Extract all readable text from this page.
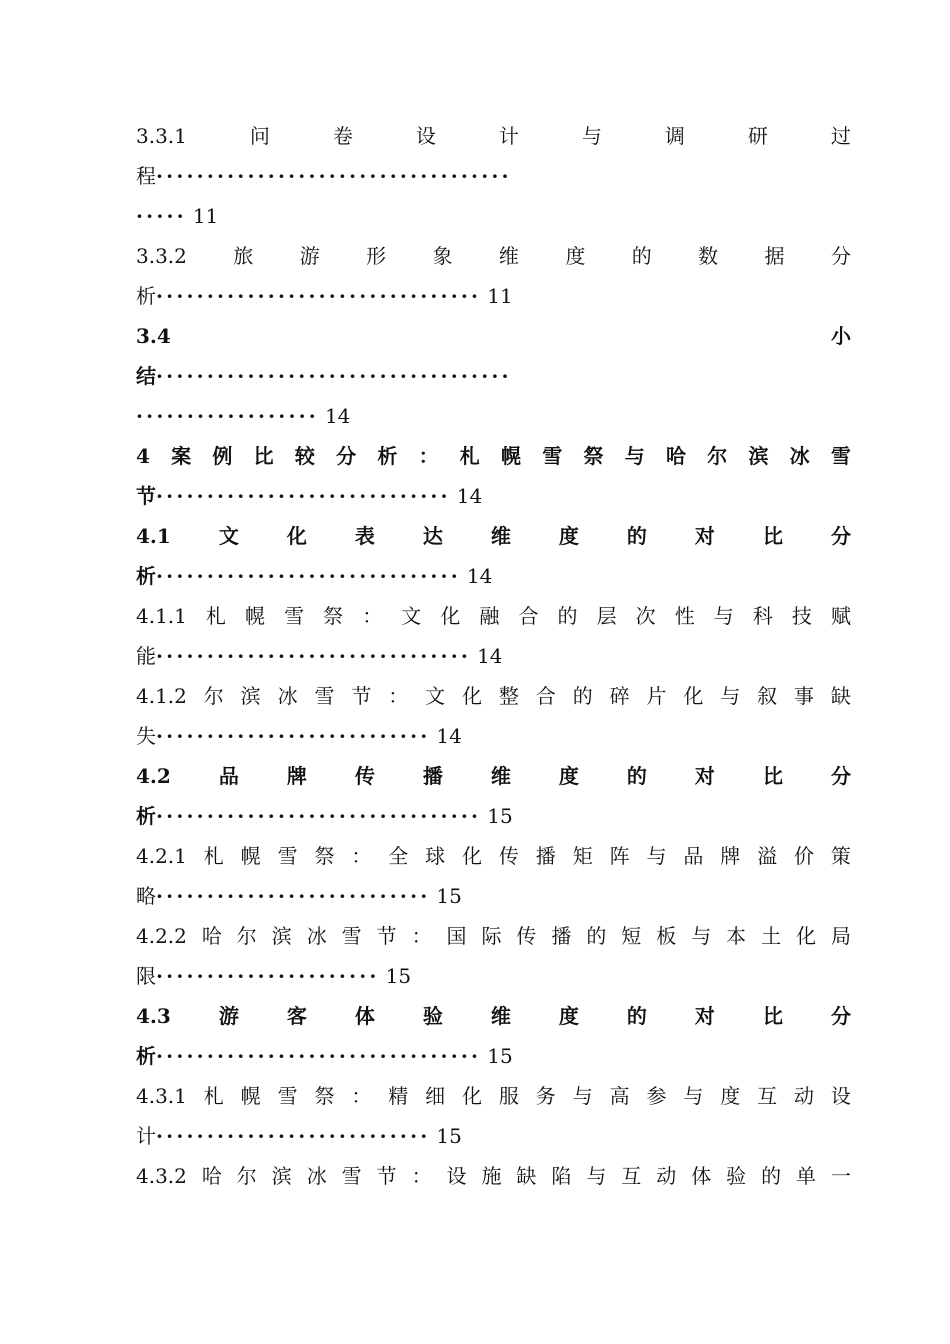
3.3.1	问	卷	设	计	与	调	研	过
程 ···································
····· 11
3.3.2 旅 游 形 象 维 度 的 数 据 分
析 ································ 11
3.4	小
结 ···································
·················· 14
4 案 例 比 较 分 析 ： 札 幌 雪 祭 与 哈 尔 滨 冰 雪
节 ····························· 14
4.1 文 化 表 达 维 度 的 对 比 分
析 ······························ 14
4.1.1 札 幌 雪 祭 ： 文 化 融 合 的 层 次 性 与 科 技 赋
能 ······························· 14
4.1.2 尔 滨 冰 雪 节 ： 文 化 整 合 的 碎 片 化 与 叙 事 缺
失 ··························· 14
4.2 品 牌 传 播 维 度 的 对 比 分
析 ································ 15
4.2.1 札 幌 雪 祭 ： 全 球 化 传 播 矩 阵 与 品 牌 溢 价 策
略 ··························· 15
4.2.2 哈 尔 滨 冰 雪 节 ： 国 际 传 播 的 短 板 与 本 土 化 局
限 ······················ 15
4.3 游 客 体 验 维 度 的 对 比 分
析 ································ 15
4.3.1 札 幌 雪 祭 ： 精 细 化 服 务 与 高 参 与 度 互 动 设
计 ··························· 15
4.3.2 哈 尔 滨 冰 雪 节 ： 设 施 缺 陷 与 互 动 体 验 的 单 一
